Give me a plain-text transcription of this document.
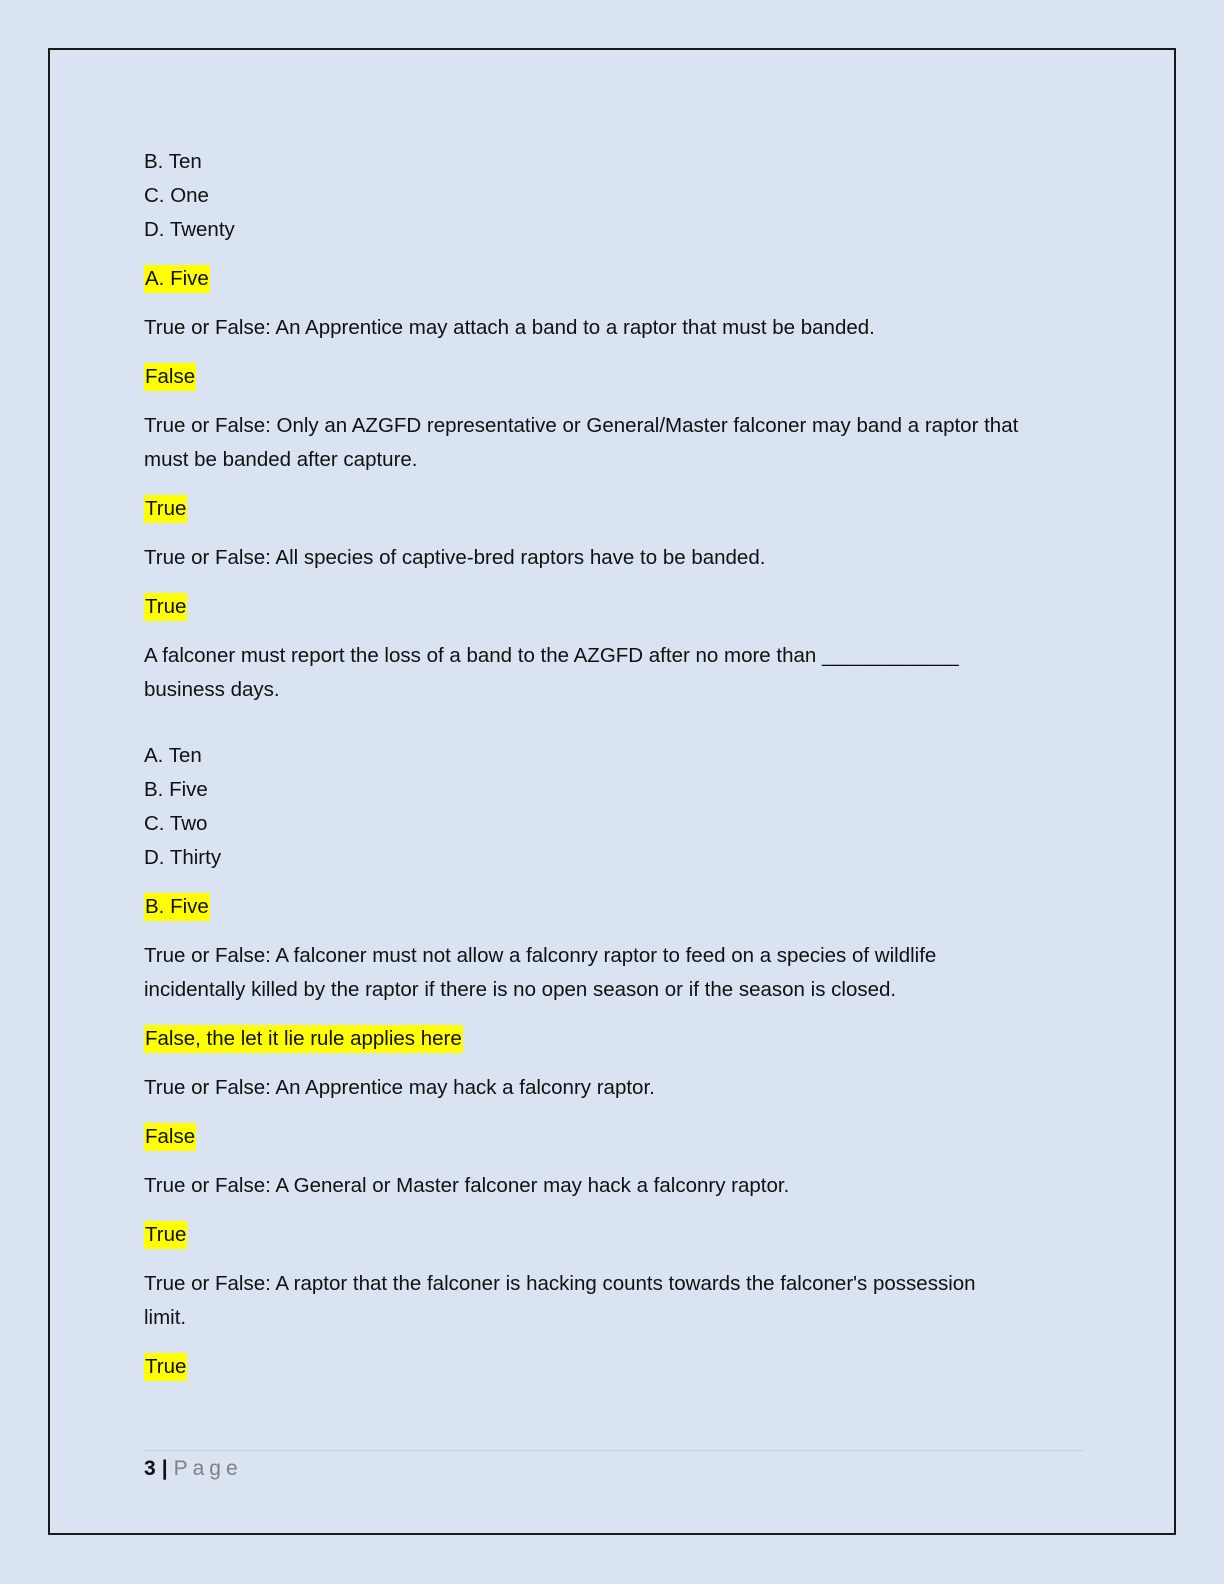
B. Ten
C. One
D. Twenty
A. Five
True or False: An Apprentice may attach a band to a raptor that must be banded.
False
True or False: Only an AZGFD representative or General/Master falconer may band a raptor that
must be banded after capture.
True
True or False: All species of captive-bred raptors have to be banded.
True
A falconer must report the loss of a band to the AZGFD after no more than ____________
business days.
A. Ten
B. Five
C. Two
D. Thirty
B. Five
True or False: A falconer must not allow a falconry raptor to feed on a species of wildlife
incidentally killed by the raptor if there is no open season or if the season is closed.
False, the let it lie rule applies here
True or False: An Apprentice may hack a falconry raptor.
False
True or False: A General or Master falconer may hack a falconry raptor.
True
True or False: A raptor that the falconer is hacking counts towards the falconer's possession
limit.
True
3 | Page
